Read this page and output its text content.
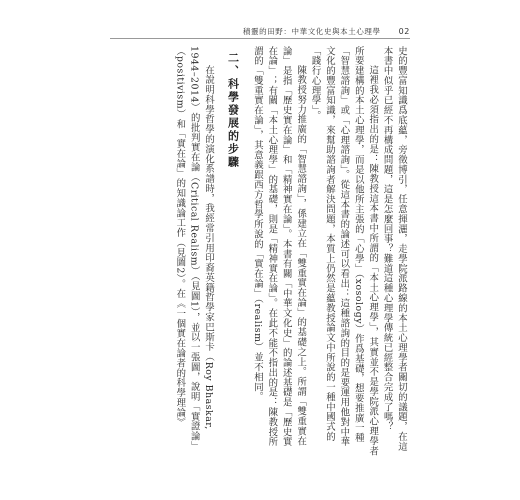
積靈的田野：中華文化史與本土心理學 02

史的豐富知識爲底蘊，旁徵博引，任意揮灑，走學院派路線的本土心理學者關切的議題，在這本書中似乎已經不再構成問題，這是怎麼回事？難道這種心理學傳統已經整合完成了嗎？

這裡我必須指出的是：陳教授這本書中所謂的「本土心理學」，其實並不是學院派心理學者所要建構的本土心理學，而是以他所主張的「心學」（xosology）作爲基礎，想要推廣一種「智慧諮詢」或「心理諮詢」。從這本書的論述可以看出：這種諮詢的目的是要運用他對中華文化的豐富知識，來幫助諮詢者解決問題，本質上仍然是蘊教授論文中所說的一種中國式的「踐行心理學」。

陳教授努力推廣的「智慧諮詢」，係建立在「雙重實在論」的基礎之上。所謂「雙重實在論」是指「歷史實在論」和「精神實在論」。本書有關「中華文化史」的論述基礎是「歷史實在論」；有關「本土心理學」的基礎，則是「精神實在論」。在此不能不指出的是：陳教授所謂的「雙重實在論」，其意義跟西方哲學所說的「實在論」（realism）並不相同。

二、科學發展的步驟

在說明科學哲學的演化系譜時，我經常引用印裔英籍哲學家巴斯卡（Roy Bhaskar, 1944–2014）的批判實在論（Critical Realism）（見圖1），並以一張圖，說明「實證論」（positivism）和「實在論」的知識論工作（見圖2）。在《一個實在論者的科學理論》
